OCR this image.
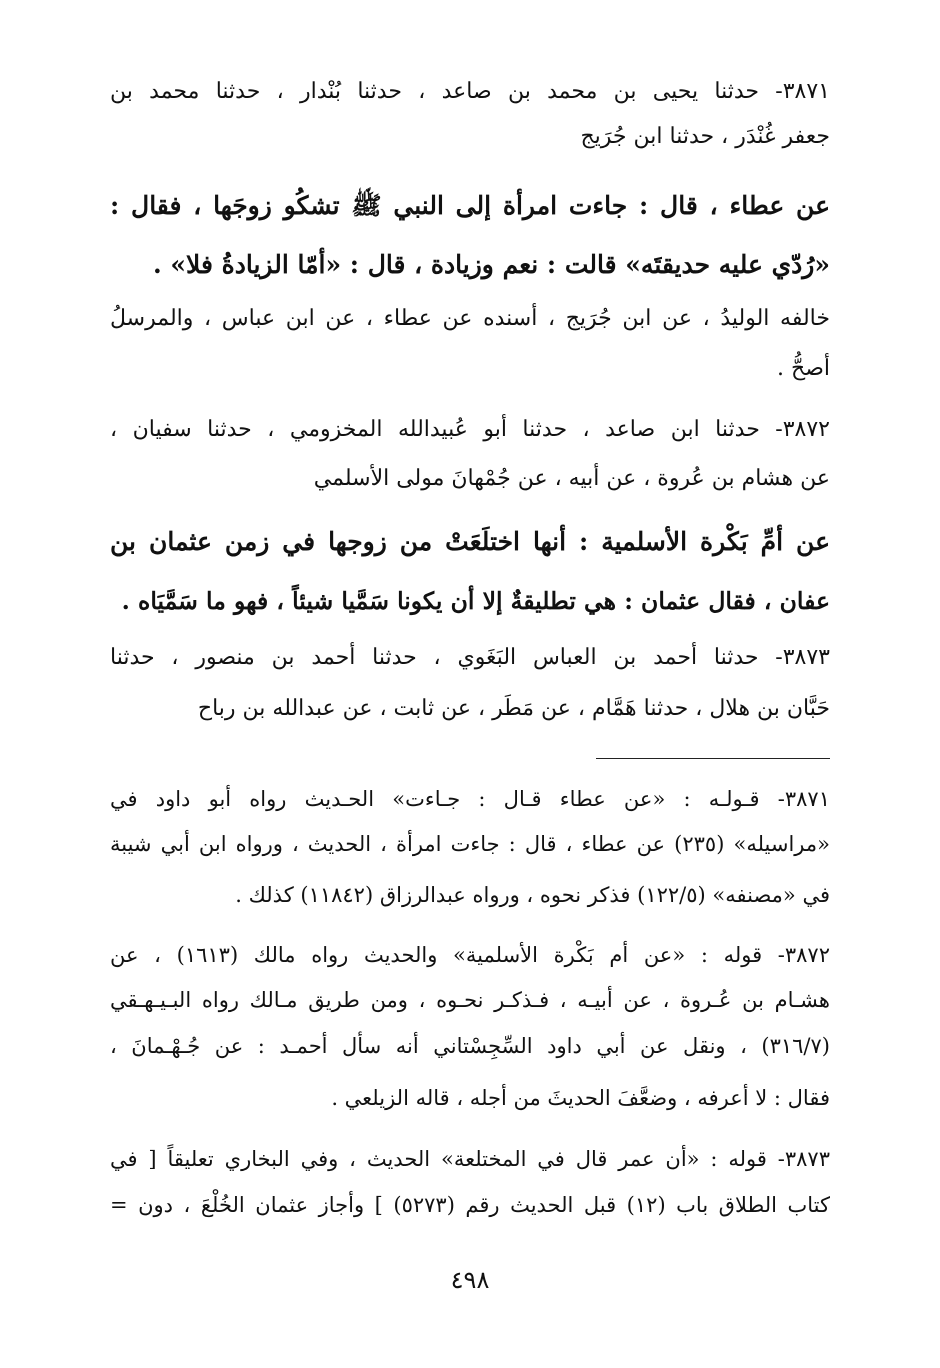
٣٨٧١- حدثنا يحيى بن محمد بن صاعد ، حدثنا بُنْدار ، حدثنا محمد بن
جعفر غُنْدَر ، حدثنا ابن جُرَيج
عن عطاء ، قال : جاءت امرأة إلى النبي ﷺ تشكُو زوجَها ، فقال :
«رُدّي عليه حديقتَه» قالت : نعم وزيادة ، قال : «أمّا الزيادةُ فلا» .
خالفه الوليدُ ، عن ابن جُرَيج ، أسنده عن عطاء ، عن ابن عباس ، والمرسلُ
أصحُّ .
٣٨٧٢- حدثنا ابن صاعد ، حدثنا أبو عُبيدالله المخزومي ، حدثنا سفيان ،
عن هشام بن عُروة ، عن أبيه ، عن جُمْهانَ مولى الأسلمي
عن أمِّ بَكْرة الأسلمية : أنها اختلَعَتْ من زوجها في زمن عثمان بن
عفان ، فقال عثمان : هي تطليقةٌ إلا أن يكونا سَمَّيا شيئاً ، فهو ما سَمَّيَاه .
٣٨٧٣- حدثنا أحمد بن العباس البَغَوي ، حدثنا أحمد بن منصور ، حدثنا
حَبَّان بن هلال ، حدثنا هَمَّام ، عن مَطَر ، عن ثابت ، عن عبدالله بن رباح
٣٨٧١- قـولـه : «عن عطاء قـال : جـاءت» الحـديث رواه أبو داود في
«مراسيله» (٢٣٥) عن عطاء ، قال : جاءت امرأة ، الحديث ، ورواه ابن أبي شيبة
في «مصنفه» (١٢٢/٥) فذكر نحوه ، ورواه عبدالرزاق (١١٨٤٢) كذلك .
٣٨٧٢- قوله : «عن أم بَكْرة الأسلمية» والحديث رواه مالك (١٦١٣) ، عن
هشـام بن عُـروة ، عن أبيـه ، فـذكـر نحـوه ، ومن طريق مـالك رواه البـيـهـقي
(٣١٦/٧) ، ونقل عن أبي داود السِّجِسْتاني أنه سأل أحمـد : عن جُـهْـمانَ ،
فقال : لا أعرفه ، وضعَّفَ الحديثَ من أجله ، قاله الزيلعي .
٣٨٧٣- قوله : «أن عمر قال في المختلعة» الحديث ، وفي البخاري تعليقاً [ في
كتاب الطلاق باب (١٢) قبل الحديث رقم (٥٢٧٣) ] وأجاز عثمان الخُلْعَ ، دون =
٤٩٨
